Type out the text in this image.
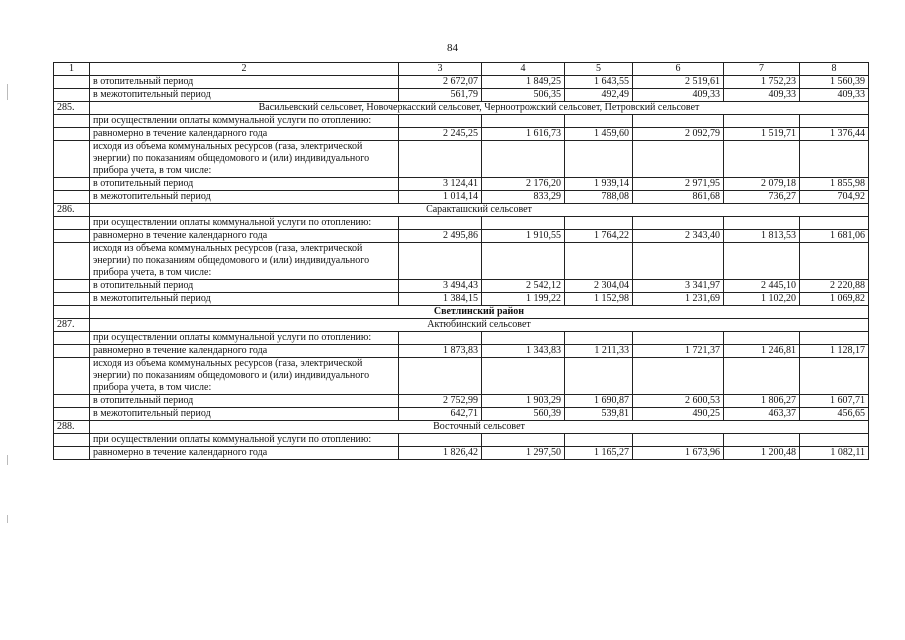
84
1	2	3	4	5	6	7	8
	в отопительный период	2 672,07	1 849,25	1 643,55	2 519,61	1 752,23	1 560,39
	в межотопительный период	561,79	506,35	492,49	409,33	409,33	409,33
285.	Васильевский сельсовет, Новочеркасский сельсовет, Черноотрожский сельсовет, Петровский сельсовет						
	при осуществлении оплаты коммунальной услуги по отоплению:						
	равномерно в течение календарного года	2 245,25	1 616,73	1 459,60	2 092,79	1 519,71	1 376,44
	исходя из объема коммунальных ресурсов (газа, электрической энергии) по показаниям общедомового и (или) индивидуального прибора учета, в том числе:						
	в отопительный период	3 124,41	2 176,20	1 939,14	2 971,95	2 079,18	1 855,98
	в межотопительный период	1 014,14	833,29	788,08	861,68	736,27	704,92
286.	Саракташский сельсовет						
	при осуществлении оплаты коммунальной услуги по отоплению:						
	равномерно в течение календарного года	2 495,86	1 910,55	1 764,22	2 343,40	1 813,53	1 681,06
	исходя из объема коммунальных ресурсов (газа, электрической энергии) по показаниям общедомового и (или) индивидуального прибора учета, в том числе:						
	в отопительный период	3 494,43	2 542,12	2 304,04	3 341,97	2 445,10	2 220,88
	в межотопительный период	1 384,15	1 199,22	1 152,98	1 231,69	1 102,20	1 069,82
	Светлинский район						
287.	Актюбинский сельсовет						
	при осуществлении оплаты коммунальной услуги по отоплению:						
	равномерно в течение календарного года	1 873,83	1 343,83	1 211,33	1 721,37	1 246,81	1 128,17
	исходя из объема коммунальных ресурсов (газа, электрической энергии) по показаниям общедомового и (или) индивидуального прибора учета, в том числе:						
	в отопительный период	2 752,99	1 903,29	1 690,87	2 600,53	1 806,27	1 607,71
	в межотопительный период	642,71	560,39	539,81	490,25	463,37	456,65
288.	Восточный сельсовет						
	при осуществлении оплаты коммунальной услуги по отоплению:						
	равномерно в течение календарного года	1 826,42	1 297,50	1 165,27	1 673,96	1 200,48	1 082,11
